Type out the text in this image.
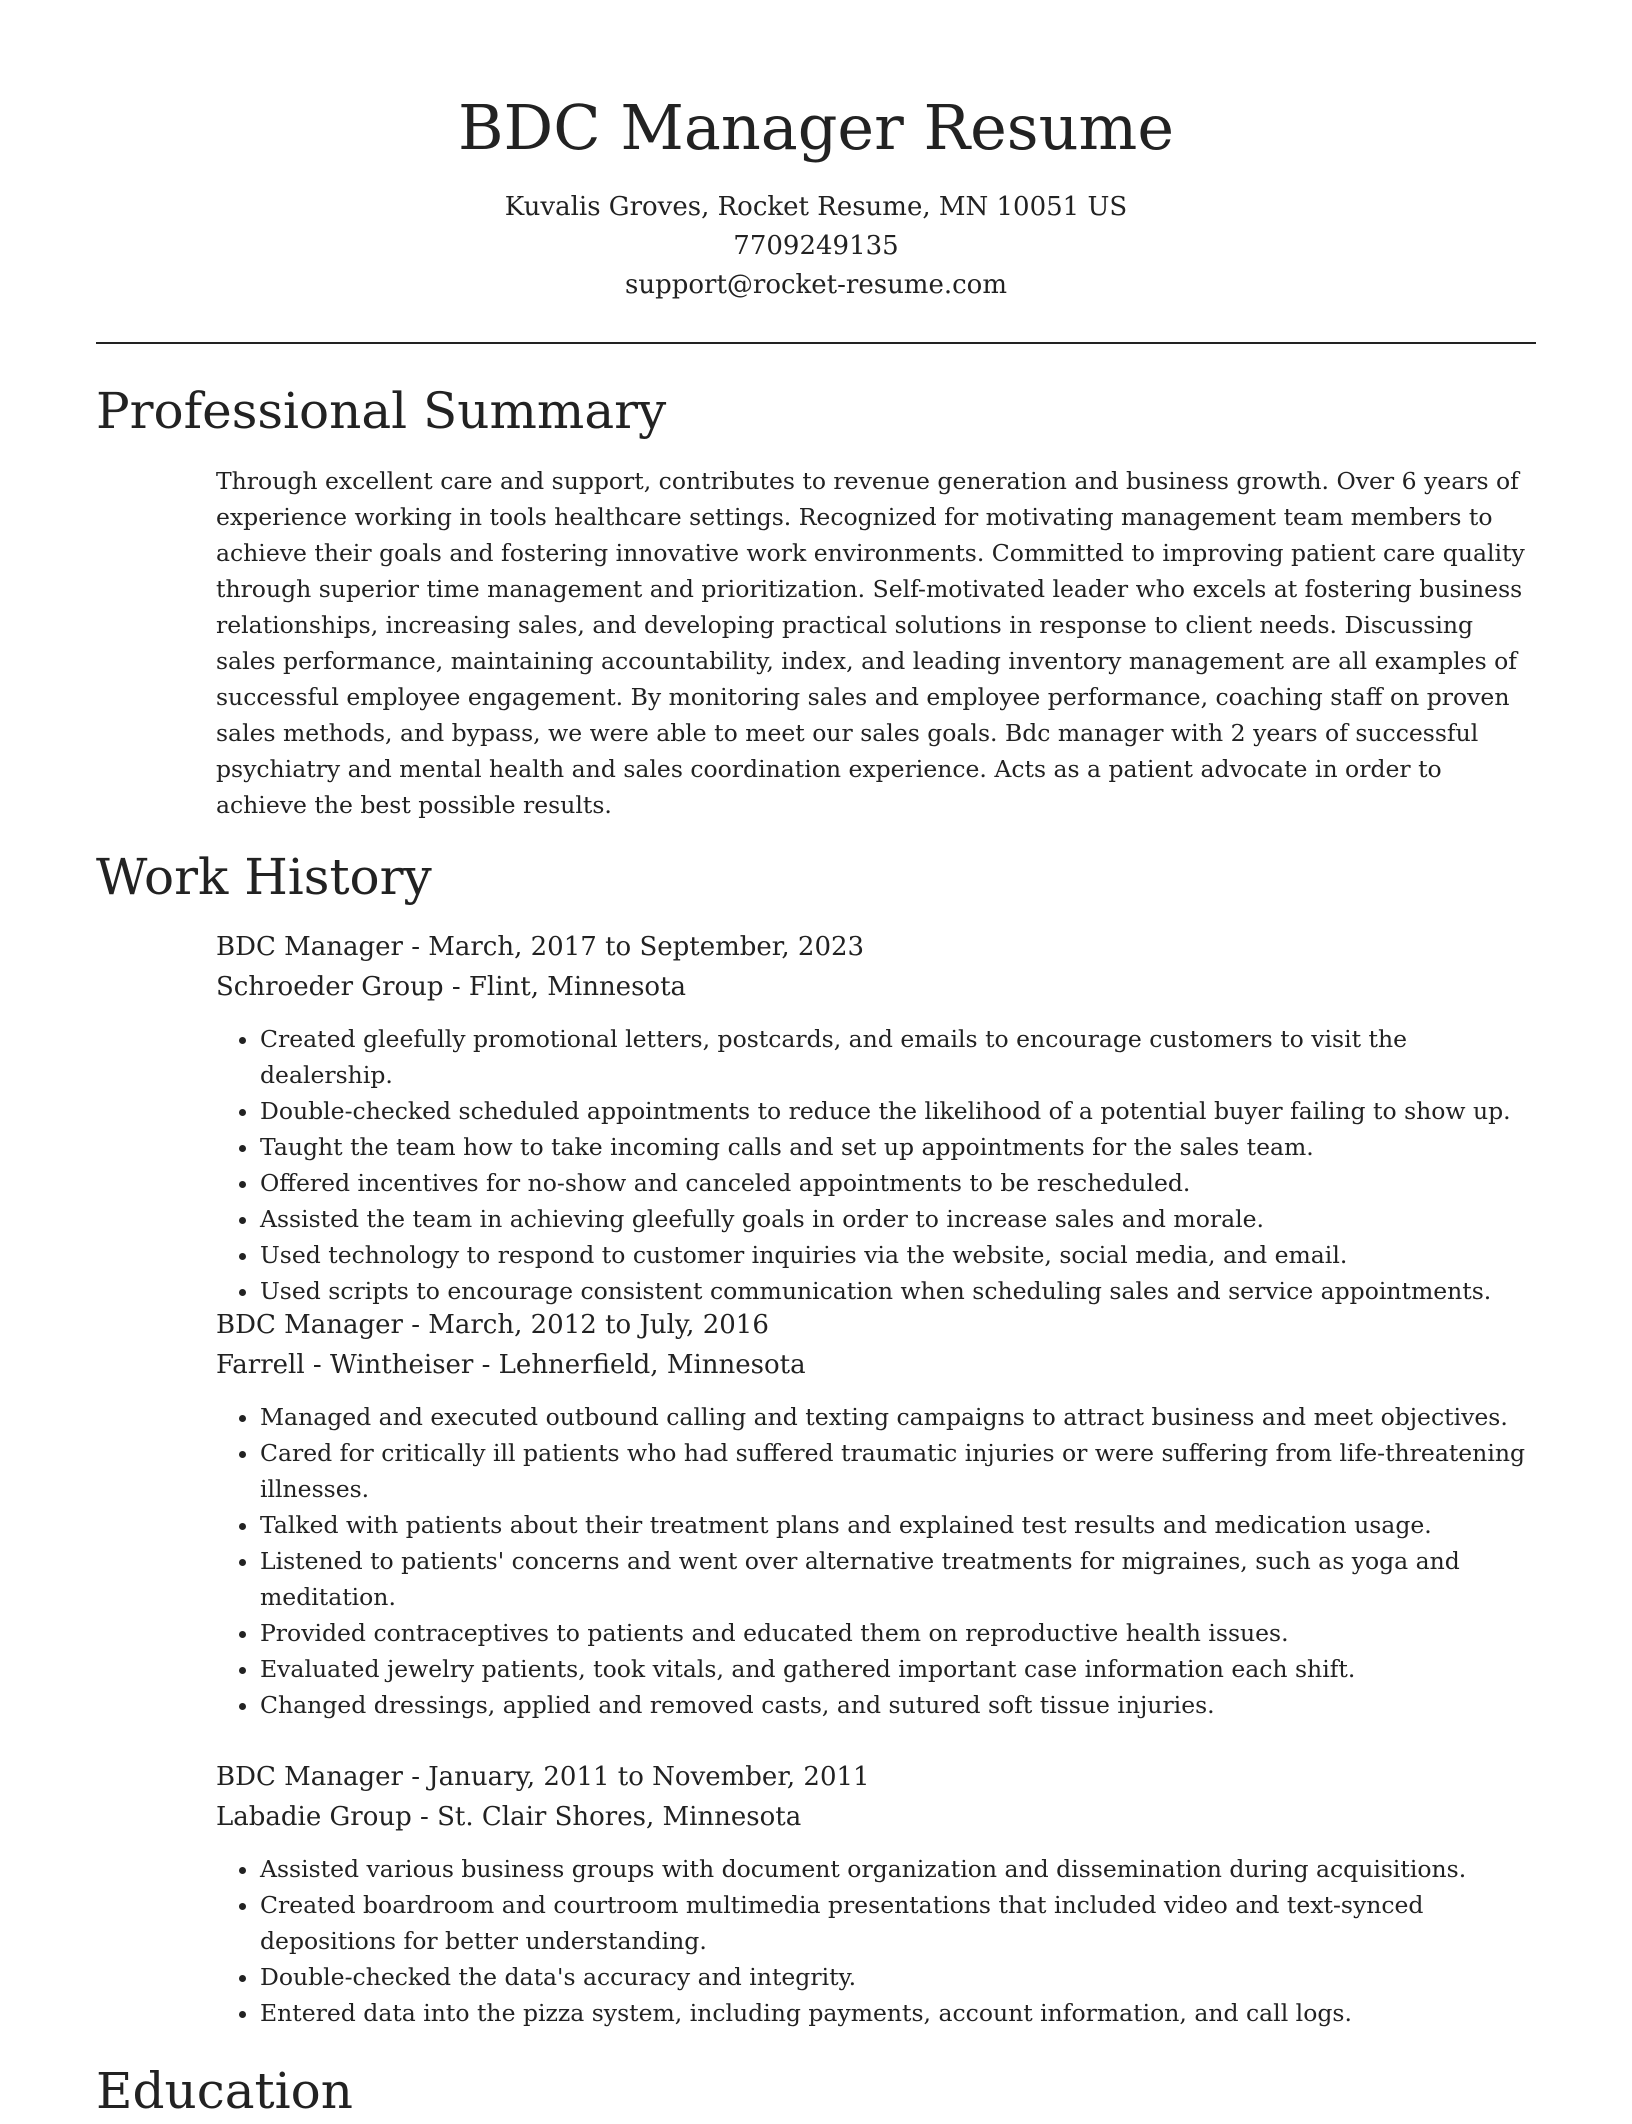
BDC Manager Resume
Kuvalis Groves, Rocket Resume, MN 10051 US
7709249135
support@rocket-resume.com
Professional Summary

Through excellent care and support, contributes to revenue generation and business growth. Over 6 years of experience working in tools healthcare settings. Recognized for motivating management team members to achieve their goals and fostering innovative work environments. Committed to improving patient care quality through superior time management and prioritization. Self-motivated leader who excels at fostering business relationships, increasing sales, and developing practical solutions in response to client needs. Discussing sales performance, maintaining accountability, index, and leading inventory management are all examples of successful employee engagement. By monitoring sales and employee performance, coaching staff on proven sales methods, and bypass, we were able to meet our sales goals. Bdc manager with 2 years of successful psychiatry and mental health and sales coordination experience. Acts as a patient advocate in order to achieve the best possible results.

Work History
BDC Manager - March, 2017 to September, 2023
Schroeder Group - Flint, Minnesota
• Created gleefully promotional letters, postcards, and emails to encourage customers to visit the dealership.
• Double-checked scheduled appointments to reduce the likelihood of a potential buyer failing to show up.
• Taught the team how to take incoming calls and set up appointments for the sales team.
• Offered incentives for no-show and canceled appointments to be rescheduled.
• Assisted the team in achieving gleefully goals in order to increase sales and morale.
• Used technology to respond to customer inquiries via the website, social media, and email.
• Used scripts to encourage consistent communication when scheduling sales and service appointments.
BDC Manager - March, 2012 to July, 2016
Farrell - Wintheiser - Lehnerfield, Minnesota
• Managed and executed outbound calling and texting campaigns to attract business and meet objectives.
• Cared for critically ill patients who had suffered traumatic injuries or were suffering from life-threatening illnesses.
• Talked with patients about their treatment plans and explained test results and medication usage.
• Listened to patients' concerns and went over alternative treatments for migraines, such as yoga and meditation.
• Provided contraceptives to patients and educated them on reproductive health issues.
• Evaluated jewelry patients, took vitals, and gathered important case information each shift.
• Changed dressings, applied and removed casts, and sutured soft tissue injuries.
BDC Manager - January, 2011 to November, 2011
Labadie Group - St. Clair Shores, Minnesota
• Assisted various business groups with document organization and dissemination during acquisitions.
• Created boardroom and courtroom multimedia presentations that included video and text-synced depositions for better understanding.
• Double-checked the data's accuracy and integrity.
• Entered data into the pizza system, including payments, account information, and call logs.
Education
